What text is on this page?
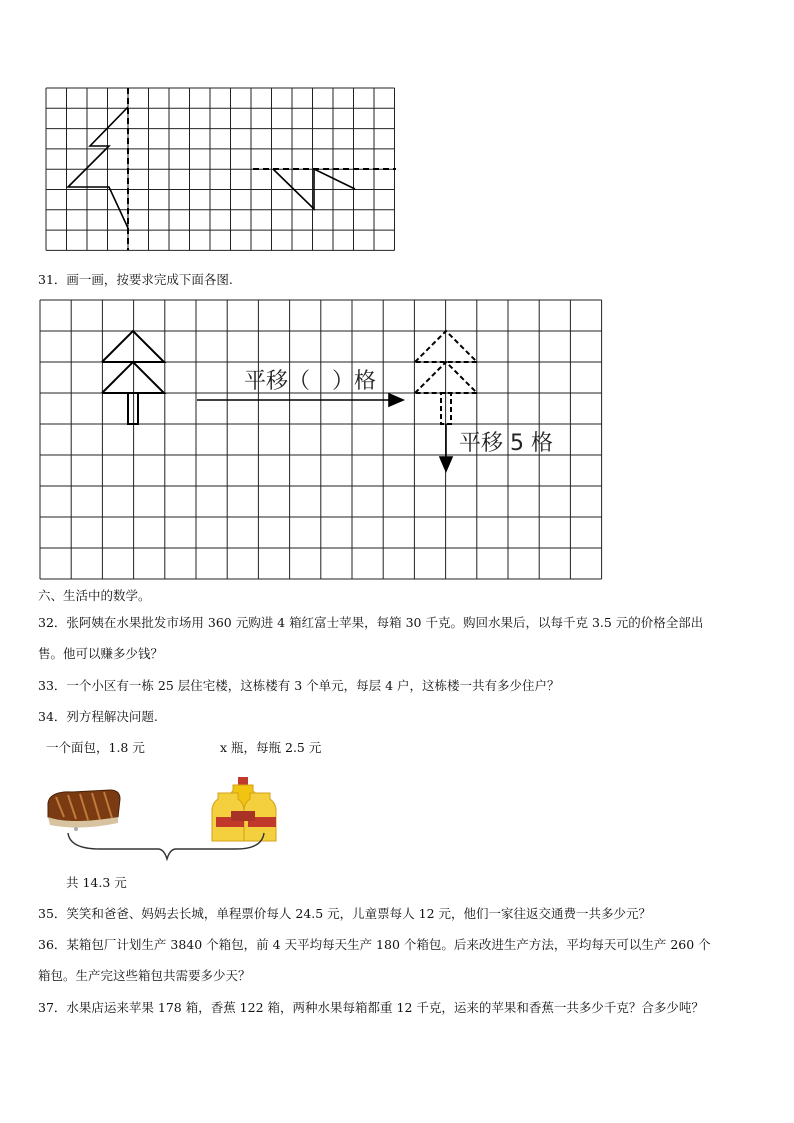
31．画一画，按要求完成下面各图.
平移（　）格
平移 5 格
六、生活中的数学。
32．张阿姨在水果批发市场用 360 元购进 4 箱红富士苹果，每箱 30 千克。购回水果后，以每千克 3.5 元的价格全部出
售。他可以赚多少钱？
33．一个小区有一栋 25 层住宅楼，这栋楼有 3 个单元，每层 4 户，这栋楼一共有多少住户？
34．列方程解决问题.
一个面包，1.8 元	x 瓶，每瓶 2.5 元
共 14.3 元
35．笑笑和爸爸、妈妈去长城，单程票价每人 24.5 元，儿童票每人 12 元，他们一家往返交通费一共多少元？
36．某箱包厂计划生产 3840 个箱包，前 4 天平均每天生产 180 个箱包。后来改进生产方法，平均每天可以生产 260 个
箱包。生产完这些箱包共需要多少天？
37．水果店运来苹果 178 箱，香蕉 122 箱，两种水果每箱都重 12 千克，运来的苹果和香蕉一共多少千克？合多少吨？
